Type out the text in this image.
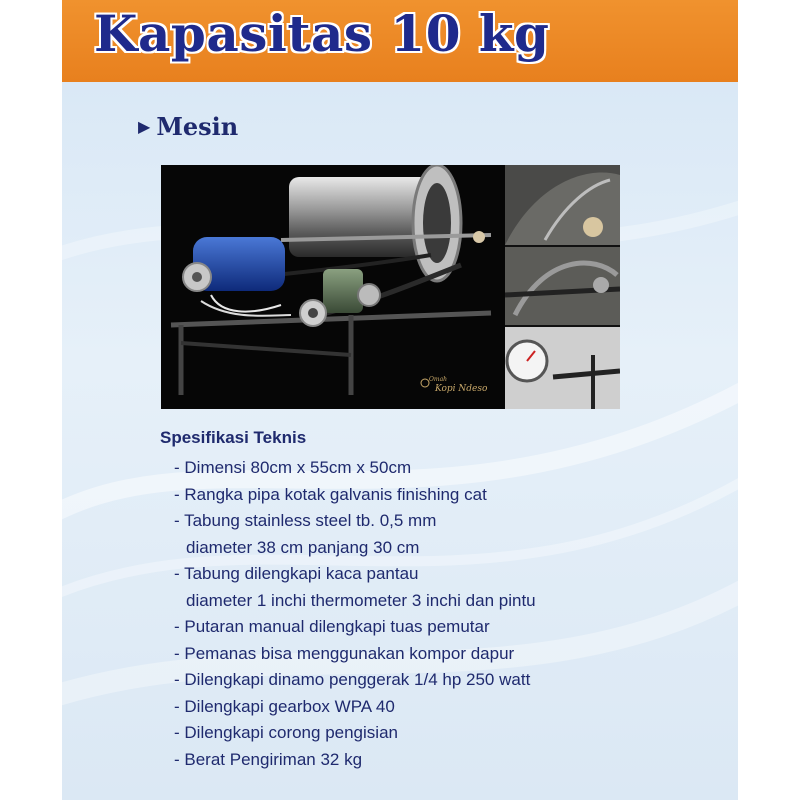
Kapasitas 10 kg
▶ Mesin
Omah
Kopi Ndeso
Spesifikasi Teknis
- Dimensi 80cm x 55cm x 50cm
- Rangka pipa kotak galvanis finishing cat
- Tabung stainless steel tb. 0,5 mm
diameter 38 cm panjang 30 cm
- Tabung dilengkapi kaca pantau
diameter 1 inchi thermometer 3 inchi dan pintu
- Putaran manual dilengkapi tuas pemutar
- Pemanas bisa menggunakan kompor dapur
- Dilengkapi dinamo penggerak 1/4 hp 250 watt
- Dilengkapi gearbox WPA 40
- Dilengkapi corong pengisian
- Berat Pengiriman 32 kg
